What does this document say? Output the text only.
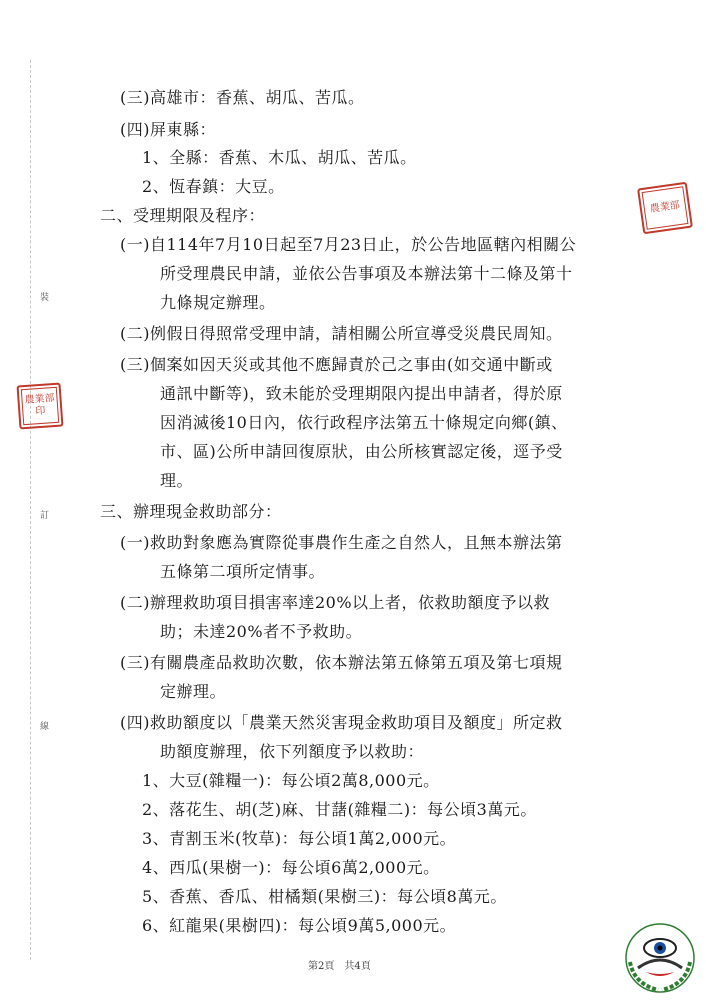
裝
訂
線
(三)高雄市：香蕉、胡瓜、苦瓜。
(四)屏東縣：
1、全縣：香蕉、木瓜、胡瓜、苦瓜。
2、恆春鎮：大豆。
二、受理期限及程序：
(一)自114年7月10日起至7月23日止，於公告地區轄內相關公
所受理農民申請，並依公告事項及本辦法第十二條及第十
九條規定辦理。
(二)例假日得照常受理申請，請相關公所宣導受災農民周知。
(三)個案如因天災或其他不應歸責於己之事由(如交通中斷或
通訊中斷等)，致未能於受理期限內提出申請者，得於原
因消滅後10日內，依行政程序法第五十條規定向鄉(鎮、
市、區)公所申請回復原狀，由公所核實認定後，逕予受
理。
三、辦理現金救助部分：
(一)救助對象應為實際從事農作生產之自然人，且無本辦法第
五條第二項所定情事。
(二)辦理救助項目損害率達20%以上者，依救助額度予以救
助；未達20%者不予救助。
(三)有關農產品救助次數，依本辦法第五條第五項及第七項規
定辦理。
(四)救助額度以「農業天然災害現金救助項目及額度」所定救
助額度辦理，依下列額度予以救助：
1、大豆(雜糧一)：每公頃2萬8,000元。
2、落花生、胡(芝)麻、甘藷(雜糧二)：每公頃3萬元。
3、青割玉米(牧草)：每公頃1萬2,000元。
4、西瓜(果樹一)：每公頃6萬2,000元。
5、香蕉、香瓜、柑橘類(果樹三)：每公頃8萬元。
6、紅龍果(果樹四)：每公頃9萬5,000元。
農業部
農業部印
第2頁　共4頁
